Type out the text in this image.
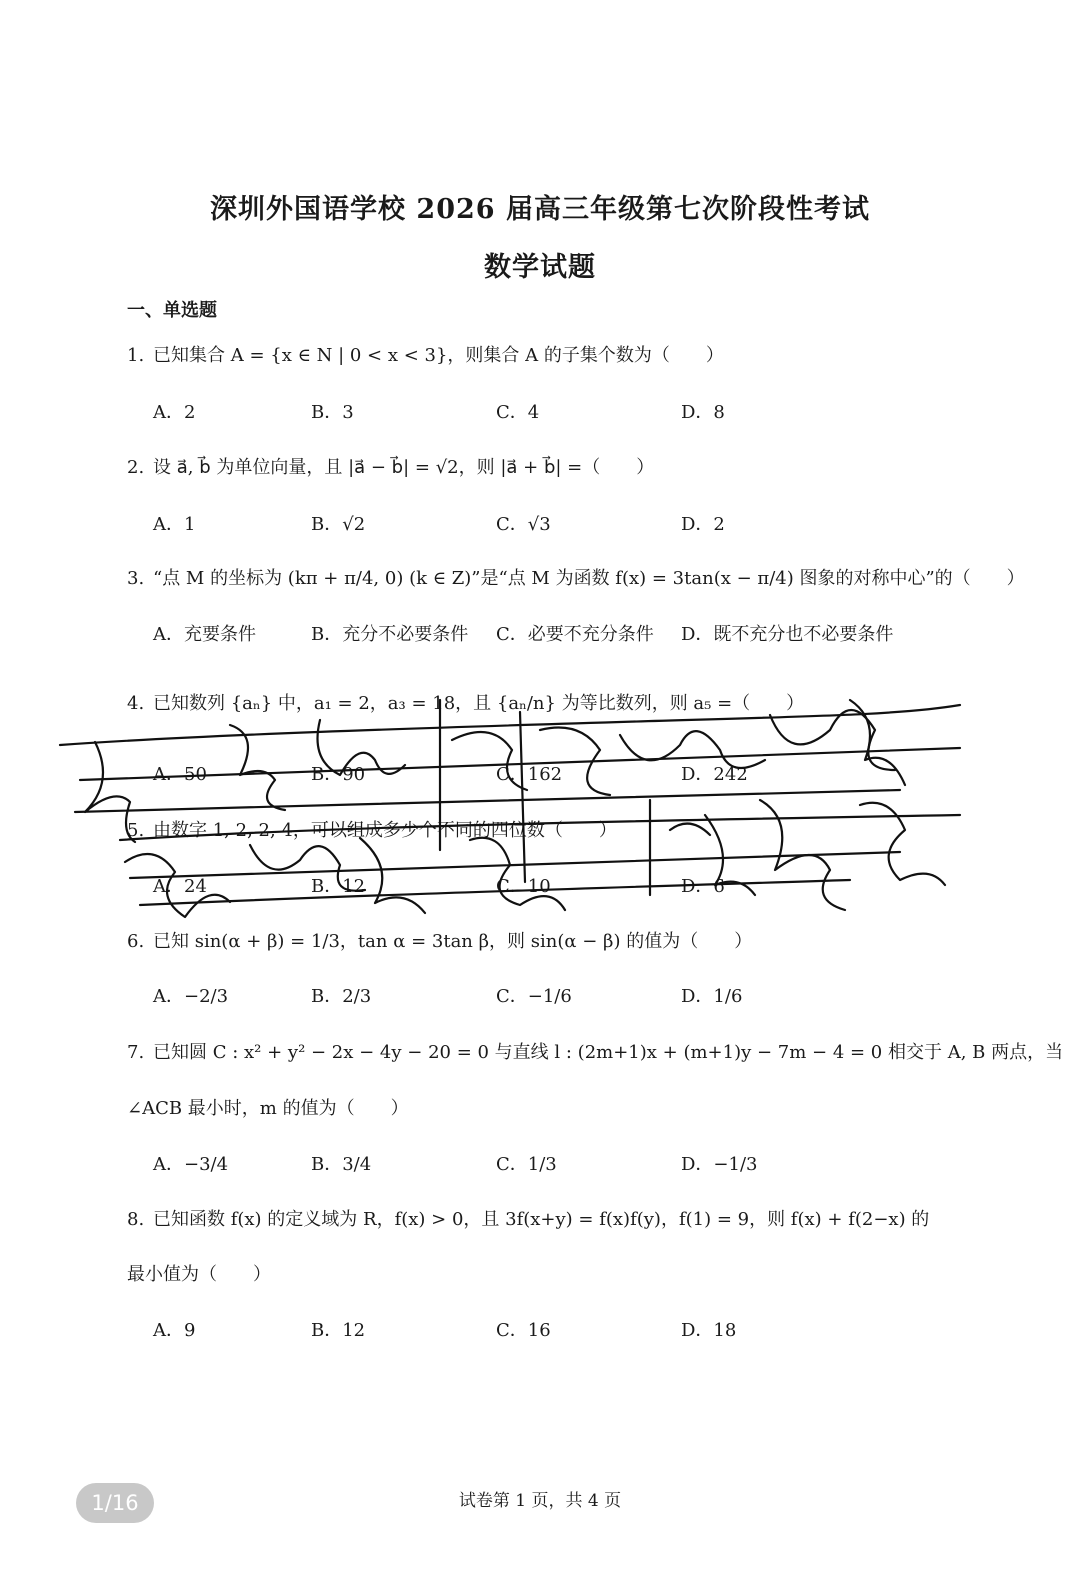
深圳外国语学校 2026 届高三年级第七次阶段性考试
数学试题
一、单选题
1. 已知集合 A = {x ∈ N | 0 < x < 3}，则集合 A 的子集个数为（　　）
A．2	B．3	C．4	D．8
2. 设 a⃗, b⃗ 为单位向量，且 |a⃗ − b⃗| = √2，则 |a⃗ + b⃗| =（　　）
A．1	B．√2	C．√3	D．2
3. “点 M 的坐标为 (kπ + π/4, 0) (k ∈ Z)”是“点 M 为函数 f(x) = 3tan(x − π/4) 图象的对称中心”的（　　）
A．充要条件	B．充分不必要条件 C．必要不充分条件 D．既不充分也不必要条件
4. 已知数列 {aₙ} 中，a₁ = 2，a₃ = 18，且 {aₙ/n} 为等比数列，则 a₅ =（　　）
A．50	B．90	C．162	D．242
5. 由数字 1, 2, 2, 4，可以组成多少个不同的四位数（　　）
A．24	B．12	C．10	D．6
6. 已知 sin(α + β) = 1/3，tan α = 3tan β，则 sin(α − β) 的值为（　　）
A．−2/3	B．2/3	C．−1/6	D．1/6
7. 已知圆 C : x² + y² − 2x − 4y − 20 = 0 与直线 l : (2m+1)x + (m+1)y − 7m − 4 = 0 相交于 A, B 两点，当
∠ACB 最小时，m 的值为（　　）
A．−3/4	B．3/4	C．1/3	D．−1/3
8. 已知函数 f(x) 的定义域为 R，f(x) > 0，且 3f(x+y) = f(x)f(y)，f(1) = 9，则 f(x) + f(2−x) 的
最小值为（　　）
A．9	B．12	C．16	D．18
试卷第 1 页，共 4 页
1/16
